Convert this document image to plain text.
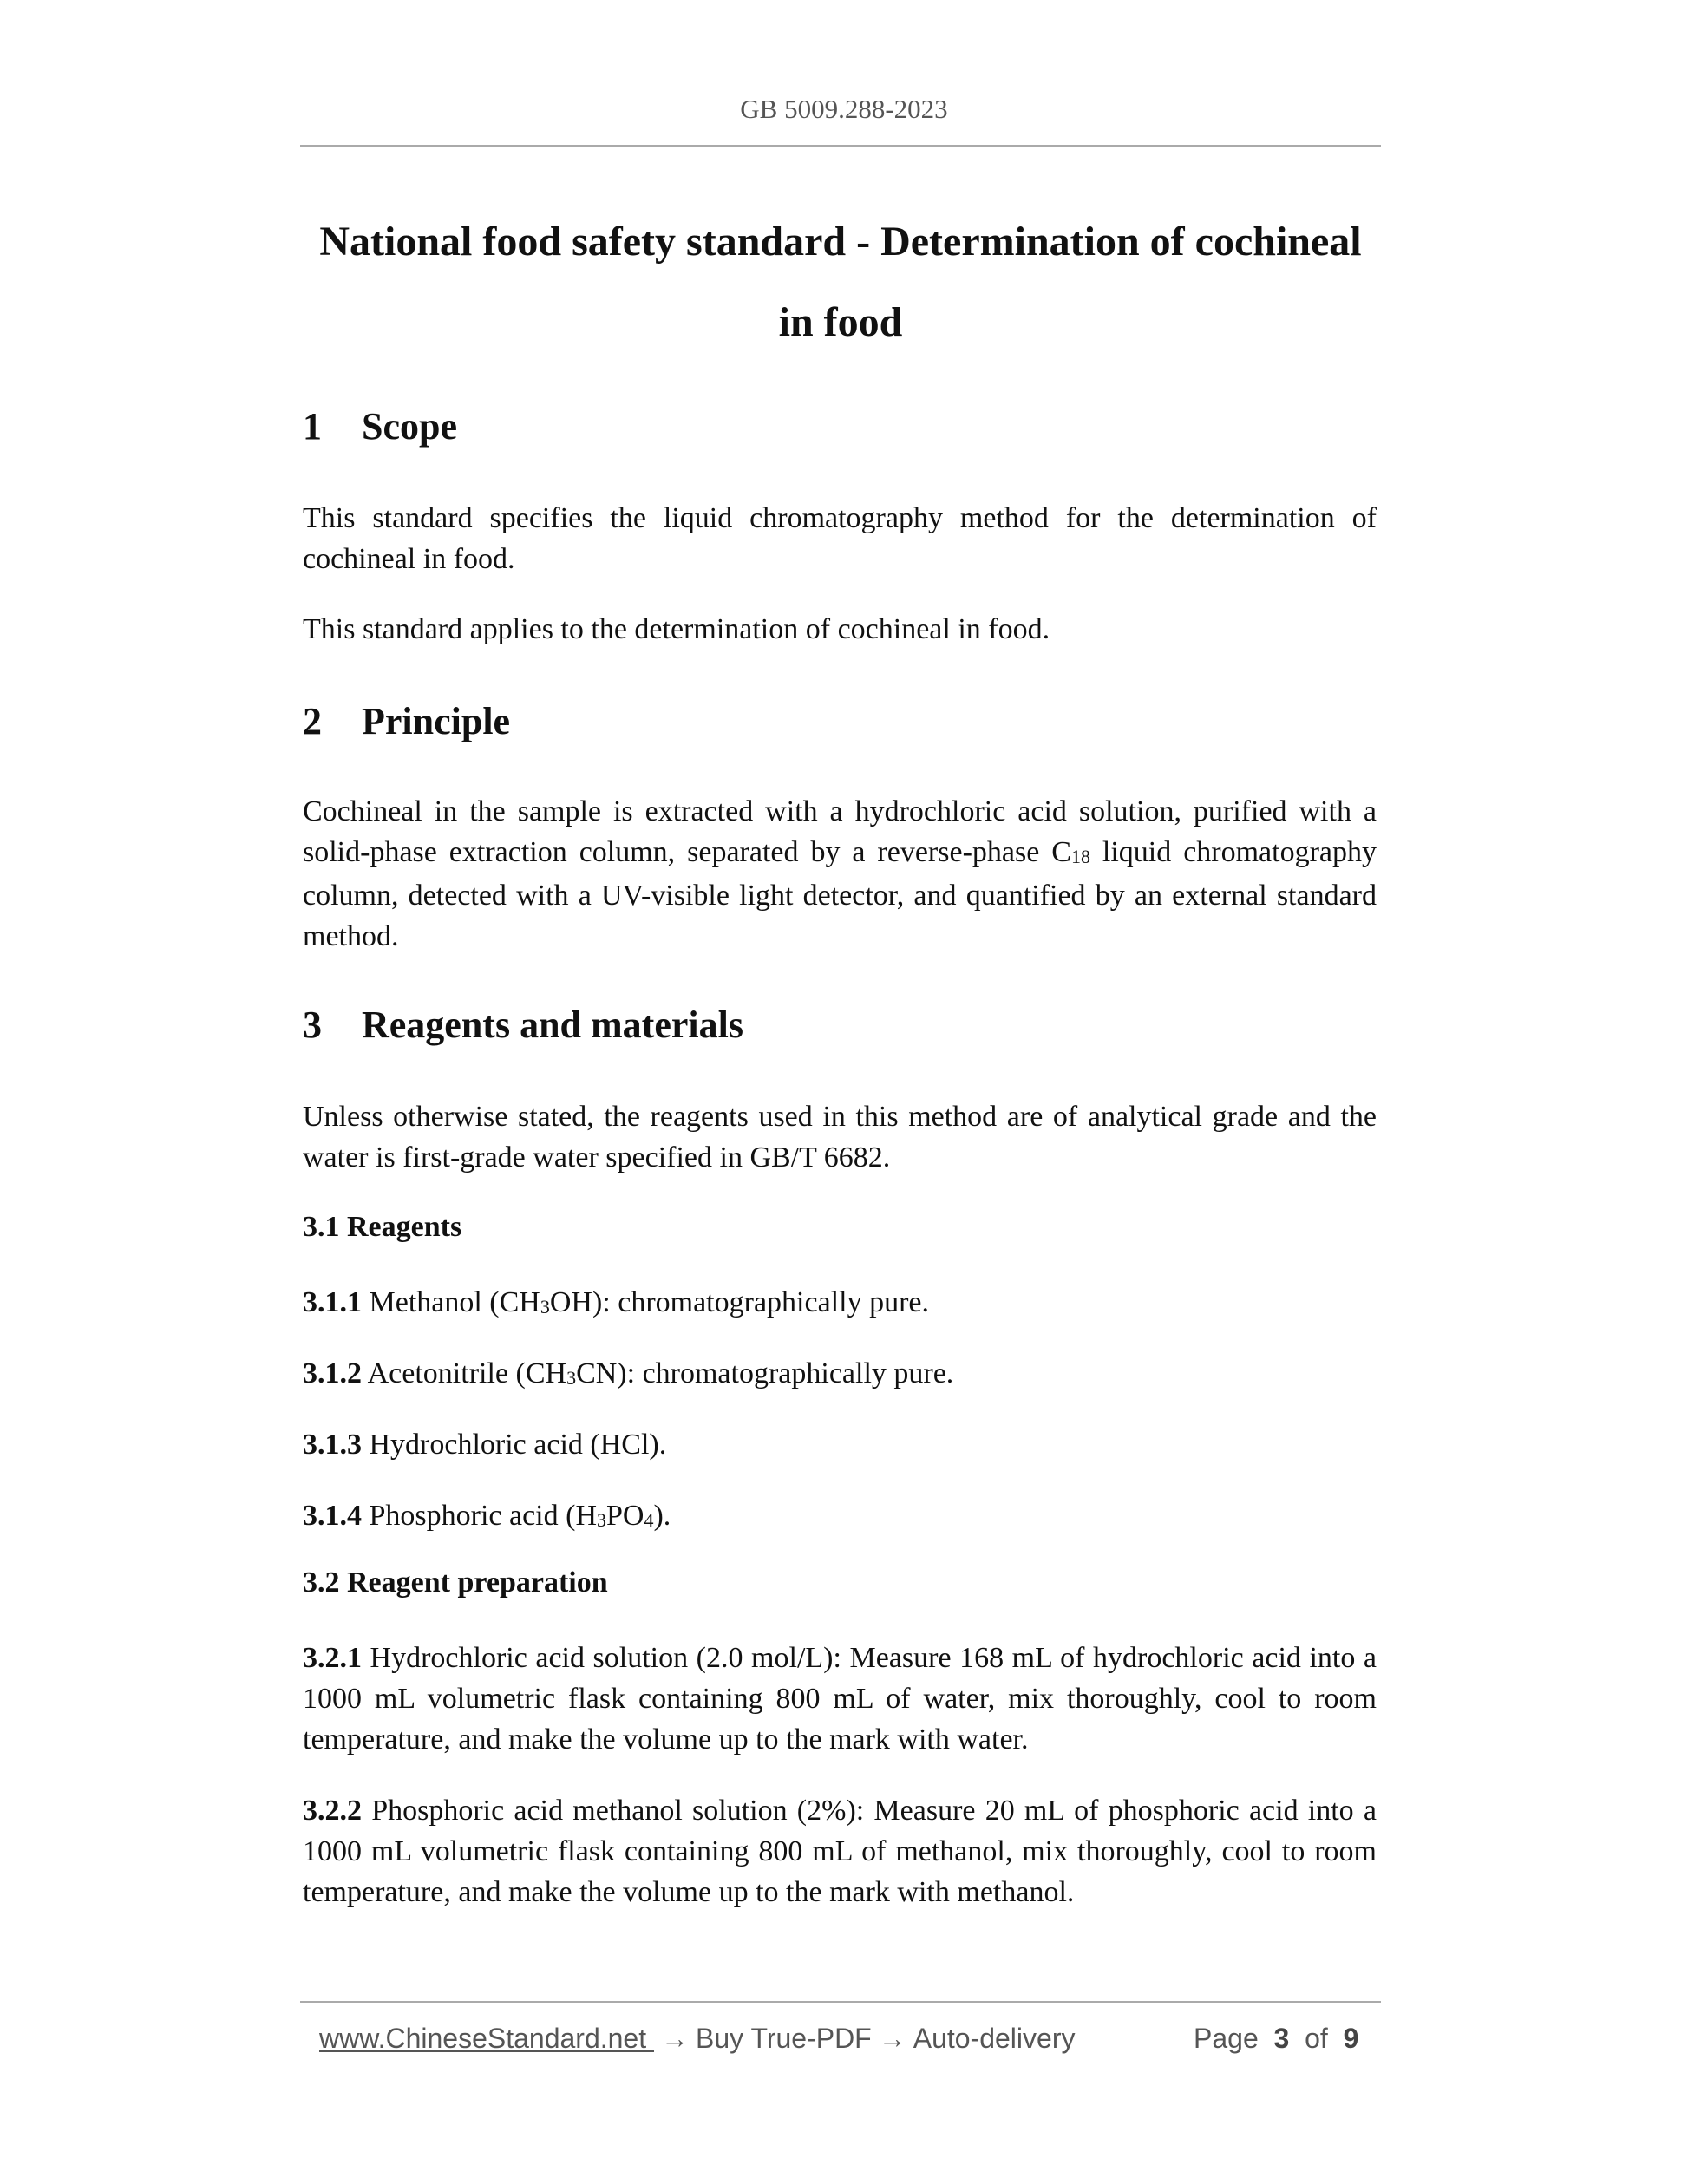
GB 5009.288-2023
National food safety standard - Determination of cochineal
in food
1 Scope

This standard specifies the liquid chromatography method for the determination of cochineal in food.

This standard applies to the determination of cochineal in food.

2 Principle

Cochineal in the sample is extracted with a hydrochloric acid solution, purified with a solid-phase extraction column, separated by a reverse-phase $C_{18}$ liquid chromatography column, detected with a UV-visible light detector, and quantified by an external standard method.

3 Reagents and materials

Unless otherwise stated, the reagents used in this method are of analytical grade and the water is first-grade water specified in GB/T 6682.

3.1 Reagents

3.1.1 Methanol $(CH_3OH)$: chromatographically pure.

3.1.2 Acetonitrile $(CH_3CN)$: chromatographically pure.

3.1.3 Hydrochloric acid (HCl).

3.1.4 Phosphoric acid $(H_3PO_4)$.

3.2 Reagent preparation

3.2.1 Hydrochloric acid solution (2.0 mol/L): Measure 168 mL of hydrochloric acid into a 1000 mL volumetric flask containing 800 mL of water, mix thoroughly, cool to room temperature, and make the volume up to the mark with water.

3.2.2 Phosphoric acid methanol solution (2%): Measure 20 mL of phosphoric acid into a 1000 mL volumetric flask containing 800 mL of methanol, mix thoroughly, cool to room temperature, and make the volume up to the mark with methanol.

www.ChineseStandard.net → Buy True-PDF → Auto-delivery	Page 3 of 9
